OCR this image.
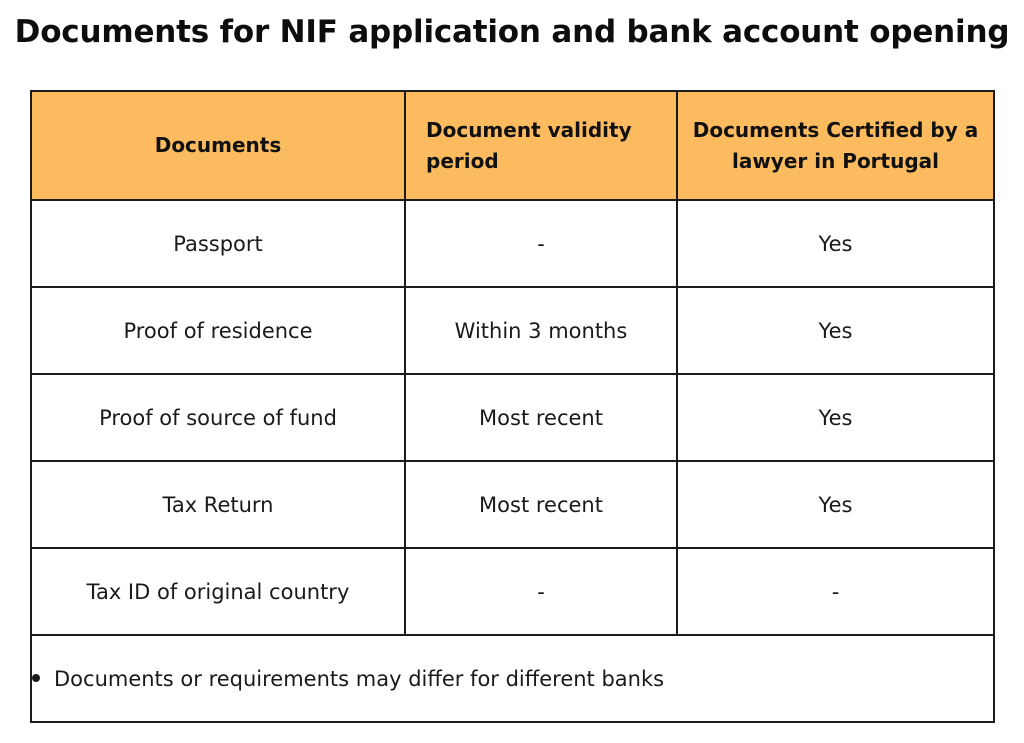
Documents for NIF application and bank account opening
Documents	Document validity period	Documents Certified by a lawyer in Portugal
Passport	-	Yes
Proof of residence	Within 3 months	Yes
Proof of source of fund	Most recent	Yes
Tax Return	Most recent	Yes
Tax ID of original country	-	-
Documents or requirements may differ for different banks		
